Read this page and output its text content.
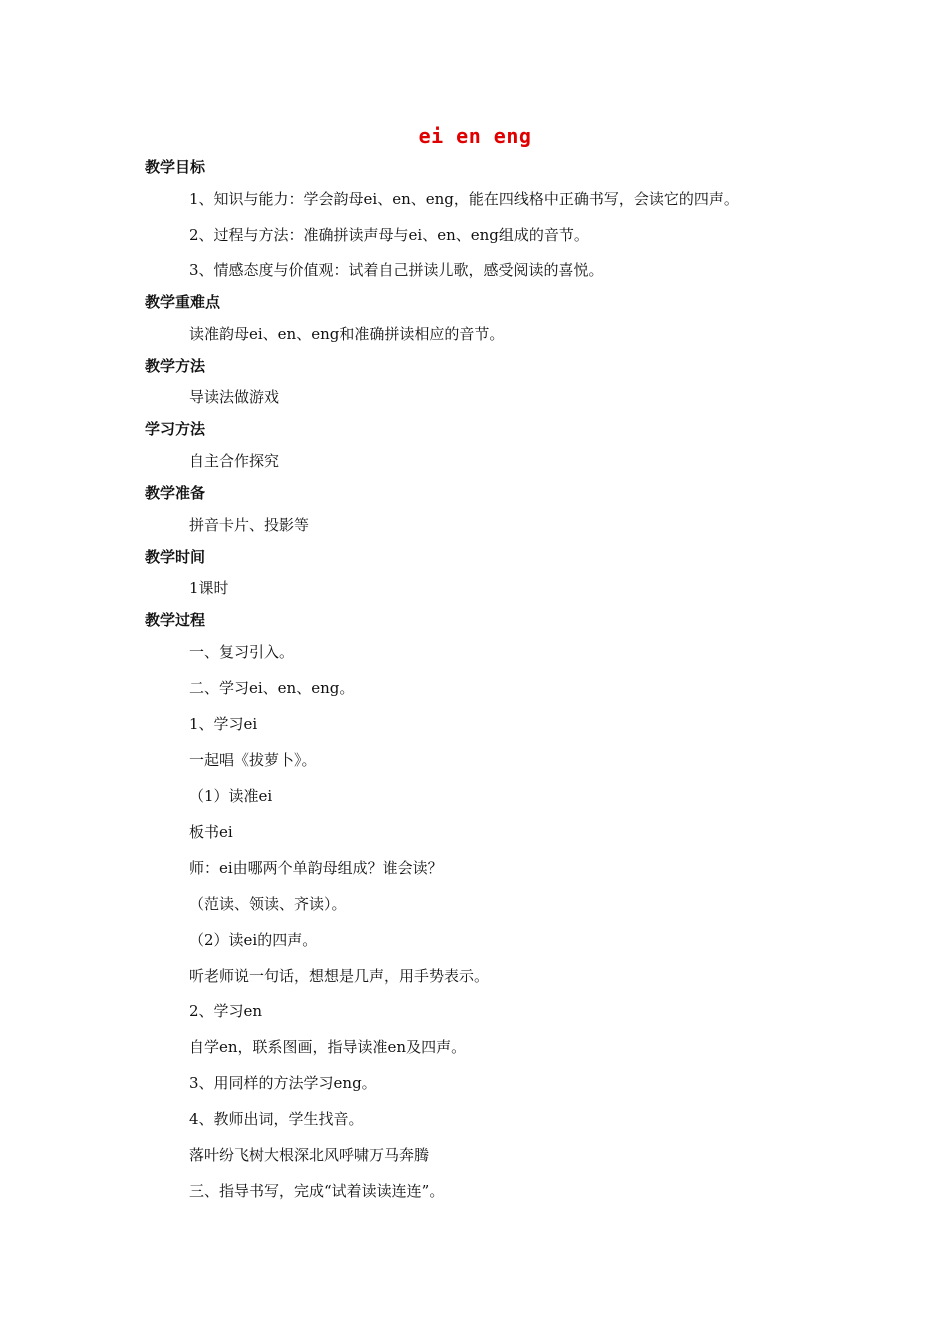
ei en eng
教学目标
1、知识与能力：学会韵母ei、en、eng，能在四线格中正确书写，会读它的四声。
2、过程与方法：准确拼读声母与ei、en、eng组成的音节。
3、情感态度与价值观：试着自己拼读儿歌，感受阅读的喜悦。
教学重难点
读准韵母ei、en、eng和准确拼读相应的音节。
教学方法
导读法做游戏
学习方法
自主合作探究
教学准备
拼音卡片、投影等
教学时间
1课时
教学过程
一、复习引入。
二、学习ei、en、eng。
1、学习ei
一起唱《拔萝卜》。
（1）读准ei
板书ei
师：ei由哪两个单韵母组成？谁会读？
（范读、领读、齐读）。
（2）读ei的四声。
听老师说一句话，想想是几声，用手势表示。
2、学习en
自学en，联系图画，指导读准en及四声。
3、用同样的方法学习eng。
4、教师出词，学生找音。
落叶纷飞树大根深北风呼啸万马奔腾
三、指导书写，完成“试着读读连连”。
